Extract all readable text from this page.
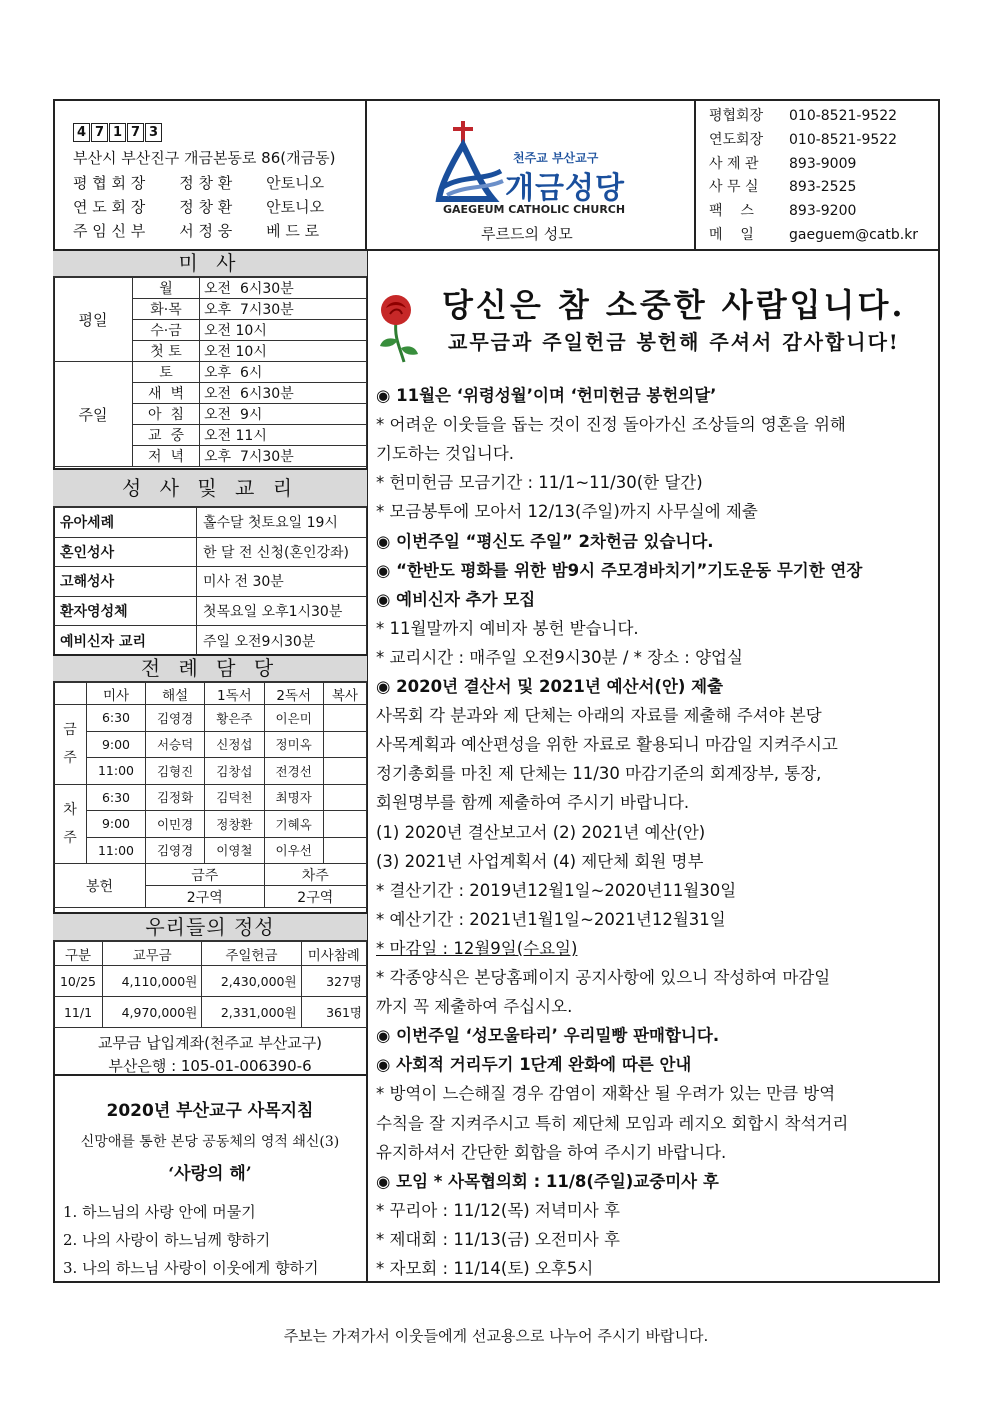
4 7 1 7 3
부산시 부산진구 개금본동로 86(개금동)
평 협 회 장	정 창 환	안토니오
연 도 회 장	정 창 환	안토니오
주 임 신 부	서 정 웅	베 드 로
천주교 부산교구
개금성당
GAEGEUM CATHOLIC CHURCH
루르드의 성모
평협회장	010-8521-9522
연도회장	010-8521-9522
사 제 관	893-9009
사 무 실	893-2525
팩    스	893-9200
메    일	gaeguem@catb.kr
미 사
평일	월	오전  6시30분
	화·목	오후  7시30분
	수·금	오전 10시
	첫 토	오전 10시
주일	토	오후  6시
	새  벽	오전  6시30분
	아  침	오전  9시
	교  중	오전 11시
	저  녁	오후  7시30분
성 사 및 교 리
유아세례	홀수달 첫토요일 19시
혼인성사	한 달 전 신청(혼인강좌)
고해성사	미사 전 30분
환자영성체	첫목요일 오후1시30분
예비신자 교리	주일 오전9시30분
전 례 담 당
	미사	해설	1독서	2독서	복사

금
주	6:30	김영경	황은주	이은미	
	9:00	서승덕	신정섭	정미옥	
	11:00	김형진	김창섭	전경선	

차
주	6:30	김정화	김덕천	최명자	
	9:00	이민경	정창환	기혜옥	
	11:00	김영경	이영철	이우선	
봉헌		금주		차주	
		2구역		2구역	
우리들의 정성
구분	교무금	주일헌금	미사참례
10/25	4,110,000원	2,430,000원	327명
11/1	4,970,000원	2,331,000원	361명
교무금 납입계좌(천주교 부산교구)
부산은행 : 105-01-006390-6
2020년 부산교구 사목지침
신망애를 통한 본당 공동체의 영적 쇄신(3)
‘사랑의 해’
1. 하느님의 사랑 안에 머물기
2. 나의 사랑이 하느님께 향하기
3. 나의 하느님 사랑이 이웃에게 향하기
당신은 참 소중한 사람입니다.
교무금과 주일헌금 봉헌해 주셔서 감사합니다!
◉ 11월은 ‘위령성월’이며 ‘헌미헌금 봉헌의달’
* 어려운 이웃들을 돕는 것이 진정 돌아가신 조상들의 영혼을 위해
기도하는 것입니다.
* 헌미헌금 모금기간 : 11/1~11/30(한 달간)
* 모금봉투에 모아서 12/13(주일)까지 사무실에 제출
◉ 이번주일 “평신도 주일” 2차헌금 있습니다.
◉ “한반도 평화를 위한 밤9시 주모경바치기”기도운동 무기한 연장
◉ 예비신자 추가 모집
* 11월말까지 예비자 봉헌 받습니다.
* 교리시간 : 매주일 오전9시30분 / * 장소 : 양업실
◉ 2020년 결산서 및 2021년 예산서(안) 제출
사목회 각 분과와 제 단체는 아래의 자료를 제출해 주셔야 본당
사목계획과 예산편성을 위한 자료로 활용되니 마감일 지켜주시고
정기총회를 마친 제 단체는 11/30 마감기준의 회계장부, 통장,
회원명부를 함께 제출하여 주시기 바랍니다.
(1) 2020년 결산보고서 (2) 2021년 예산(안)
(3) 2021년 사업계획서 (4) 제단체 회원 명부
* 결산기간 : 2019년12월1일~2020년11월30일
* 예산기간 : 2021년1월1일~2021년12월31일
* 마감일 : 12월9일(수요일)
* 각종양식은 본당홈페이지 공지사항에 있으니 작성하여 마감일
까지 꼭 제출하여 주십시오.
◉ 이번주일 ‘성모울타리’ 우리밀빵 판매합니다.
◉ 사회적 거리두기 1단계 완화에 따른 안내
* 방역이 느슨해질 경우 감염이 재확산 될 우려가 있는 만큼 방역
수칙을 잘 지켜주시고 특히 제단체 모임과 레지오 회합시 착석거리
유지하셔서 간단한 회합을 하여 주시기 바랍니다.
◉ 모임 * 사목협의회 : 11/8(주일)교중미사 후
* 꾸리아 : 11/12(목) 저녁미사 후
* 제대회 : 11/13(금) 오전미사 후
* 자모회 : 11/14(토) 오후5시
주보는 가져가서 이웃들에게 선교용으로 나누어 주시기 바랍니다.
